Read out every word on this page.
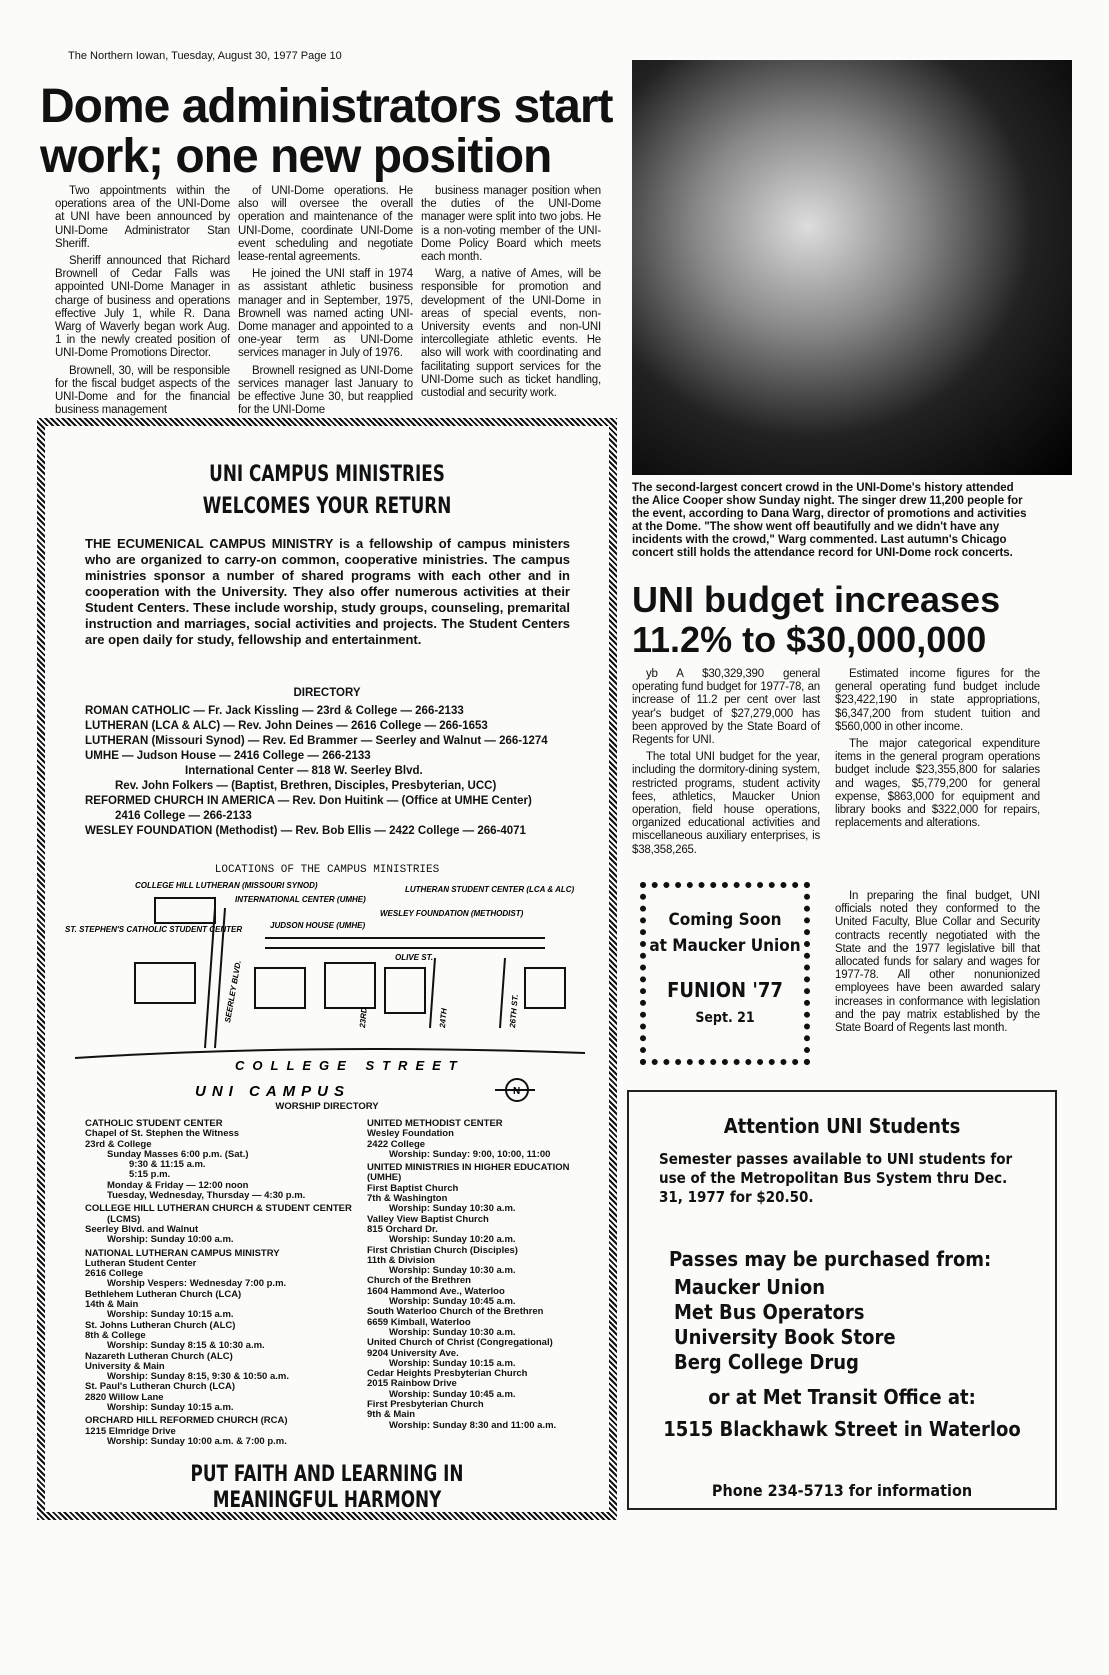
The Northern Iowan, Tuesday, August 30, 1977 Page 10
Dome administrators start work; one new position

Two appointments within the operations area of the UNI-Dome at UNI have been announced by UNI-Dome Administrator Stan Sheriff.

Sheriff announced that Richard Brownell of Cedar Falls was appointed UNI-Dome Manager in charge of business and operations effective July 1, while R. Dana Warg of Waverly began work Aug. 1 in the newly created position of UNI-Dome Promotions Director.

Brownell, 30, will be responsible for the fiscal budget aspects of the UNI-Dome and for the financial business management

of UNI-Dome operations. He also will oversee the overall operation and maintenance of the UNI-Dome, coordinate UNI-Dome event scheduling and negotiate lease-rental agreements.

He joined the UNI staff in 1974 as assistant athletic business manager and in September, 1975, Brownell was named acting UNI-Dome manager and appointed to a one-year term as UNI-Dome services manager in July of 1976.

Brownell resigned as UNI-Dome services manager last January to be effective June 30, but reapplied for the UNI-Dome

business manager position when the duties of the UNI-Dome manager were split into two jobs. He is a non-voting member of the UNI-Dome Policy Board which meets each month.

Warg, a native of Ames, will be responsible for promotion and development of the UNI-Dome in areas of special events, non-University events and non-UNI intercollegiate athletic events. He also will work with coordinating and facilitating support services for the UNI-Dome such as ticket handling, custodial and security work.

The second-largest concert crowd in the UNI-Dome's history attended the Alice Cooper show Sunday night. The singer drew 11,200 people for the event, according to Dana Warg, director of promotions and activities at the Dome. "The show went off beautifully and we didn't have any incidents with the crowd," Warg commented. Last autumn's Chicago concert still holds the attendance record for UNI-Dome rock concerts.
UNI budget increases 11.2% to $30,000,000

yb A $30,329,390 general operating fund budget for 1977-78, an increase of 11.2 per cent over last year's budget of $27,279,000 has been approved by the State Board of Regents for UNI.

The total UNI budget for the year, including the dormitory-dining system, restricted programs, student activity fees, athletics, Maucker Union operation, field house operations, organized educational activities and miscellaneous auxiliary enterprises, is $38,358,265.

Estimated income figures for the general operating fund budget include $23,422,190 in state appropriations, $6,347,200 from student tuition and $560,000 in other income.

The major categorical expenditure items in the general program operations budget include $23,355,800 for salaries and wages, $5,779,200 for general expense, $863,000 for equipment and library books and $322,000 for repairs, replacements and alterations.

In preparing the final budget, UNI officials noted they conformed to the United Faculty, Blue Collar and Security contracts recently negotiated with the State and the 1977 legislative bill that allocated funds for salary and wages for 1977-78. All other nonunionized employees have been awarded salary increases in conformance with legislation and the pay matrix established by the State Board of Regents last month.

Coming Soon
at Maucker Union
FUNION '77
Sept. 21
UNI CAMPUS MINISTRIES
WELCOMES YOUR RETURN
THE ECUMENICAL CAMPUS MINISTRY is a fellowship of campus ministers who are organized to carry-on common, cooperative ministries. The campus ministries sponsor a number of shared programs with each other and in cooperation with the University. They also offer numerous activities at their Student Centers. These include worship, study groups, counseling, premarital instruction and marriages, social activities and projects. The Student Centers are open daily for study, fellowship and entertainment.
DIRECTORY
ROMAN CATHOLIC — Fr. Jack Kissling — 23rd & College — 266-2133
LUTHERAN (LCA & ALC) — Rev. John Deines — 2616 College — 266-1653
LUTHERAN (Missouri Synod) — Rev. Ed Brammer — Seerley and Walnut — 266-1274
UMHE — Judson House — 2416 College — 266-2133
International Center — 818 W. Seerley Blvd.
Rev. John Folkers — (Baptist, Brethren, Disciples, Presbyterian, UCC)
REFORMED CHURCH IN AMERICA — Rev. Don Huitink — (Office at UMHE Center)
2416 College — 266-2133
WESLEY FOUNDATION (Methodist) — Rev. Bob Ellis — 2422 College — 266-4071
LOCATIONS OF THE CAMPUS MINISTRIES
COLLEGE HILL LUTHERAN (MISSOURI SYNOD)
ST. STEPHEN'S CATHOLIC STUDENT CENTER
INTERNATIONAL CENTER (UMHE)
JUDSON HOUSE (UMHE)
WESLEY FOUNDATION (METHODIST)
LUTHERAN STUDENT CENTER (LCA & ALC)
OLIVE ST.
SEERLEY BLVD.
COLLEGE STREET
UNI CAMPUS	N
23RD	24TH	26TH ST.
WORSHIP DIRECTORY
CATHOLIC STUDENT CENTER
Chapel of St. Stephen the Witness
23rd & College
Sunday Masses 6:00 p.m. (Sat.)
9:30 & 11:15 a.m.
5:15 p.m.
Monday & Friday — 12:00 noon
Tuesday, Wednesday, Thursday — 4:30 p.m.
COLLEGE HILL LUTHERAN CHURCH & STUDENT CENTER
(LCMS)
Seerley Blvd. and Walnut
Worship: Sunday 10:00 a.m.
NATIONAL LUTHERAN CAMPUS MINISTRY
Lutheran Student Center
2616 College
Worship Vespers: Wednesday 7:00 p.m.
Bethlehem Lutheran Church (LCA)
14th & Main
Worship: Sunday 10:15 a.m.
St. Johns Lutheran Church (ALC)
8th & College
Worship: Sunday 8:15 & 10:30 a.m.
Nazareth Lutheran Church (ALC)
University & Main
Worship: Sunday 8:15, 9:30 & 10:50 a.m.
St. Paul's Lutheran Church (LCA)
2820 Willow Lane
Worship: Sunday 10:15 a.m.
ORCHARD HILL REFORMED CHURCH (RCA)
1215 Elmridge Drive
Worship: Sunday 10:00 a.m. & 7:00 p.m.
UNITED METHODIST CENTER
Wesley Foundation
2422 College
Worship: Sunday: 9:00, 10:00, 11:00
UNITED MINISTRIES IN HIGHER EDUCATION (UMHE)
First Baptist Church
7th & Washington
Worship: Sunday 10:30 a.m.
Valley View Baptist Church
815 Orchard Dr.
Worship: Sunday 10:20 a.m.
First Christian Church (Disciples)
11th & Division
Worship: Sunday 10:30 a.m.
Church of the Brethren
1604 Hammond Ave., Waterloo
Worship: Sunday 10:45 a.m.
South Waterloo Church of the Brethren
6659 Kimball, Waterloo
Worship: Sunday 10:30 a.m.
United Church of Christ (Congregational)
9204 University Ave.
Worship: Sunday 10:15 a.m.
Cedar Heights Presbyterian Church
2015 Rainbow Drive
Worship: Sunday 10:45 a.m.
First Presbyterian Church
9th & Main
Worship: Sunday 8:30 and 11:00 a.m.
PUT FAITH AND LEARNING IN
MEANINGFUL HARMONY
Attention UNI Students
Semester passes available to UNI students for use of the Metropolitan Bus System thru Dec. 31, 1977 for $20.50.
Passes may be purchased from:
Maucker Union
Met Bus Operators
University Book Store
Berg College Drug
or at Met Transit Office at:
1515 Blackhawk Street in Waterloo
Phone 234-5713 for information
